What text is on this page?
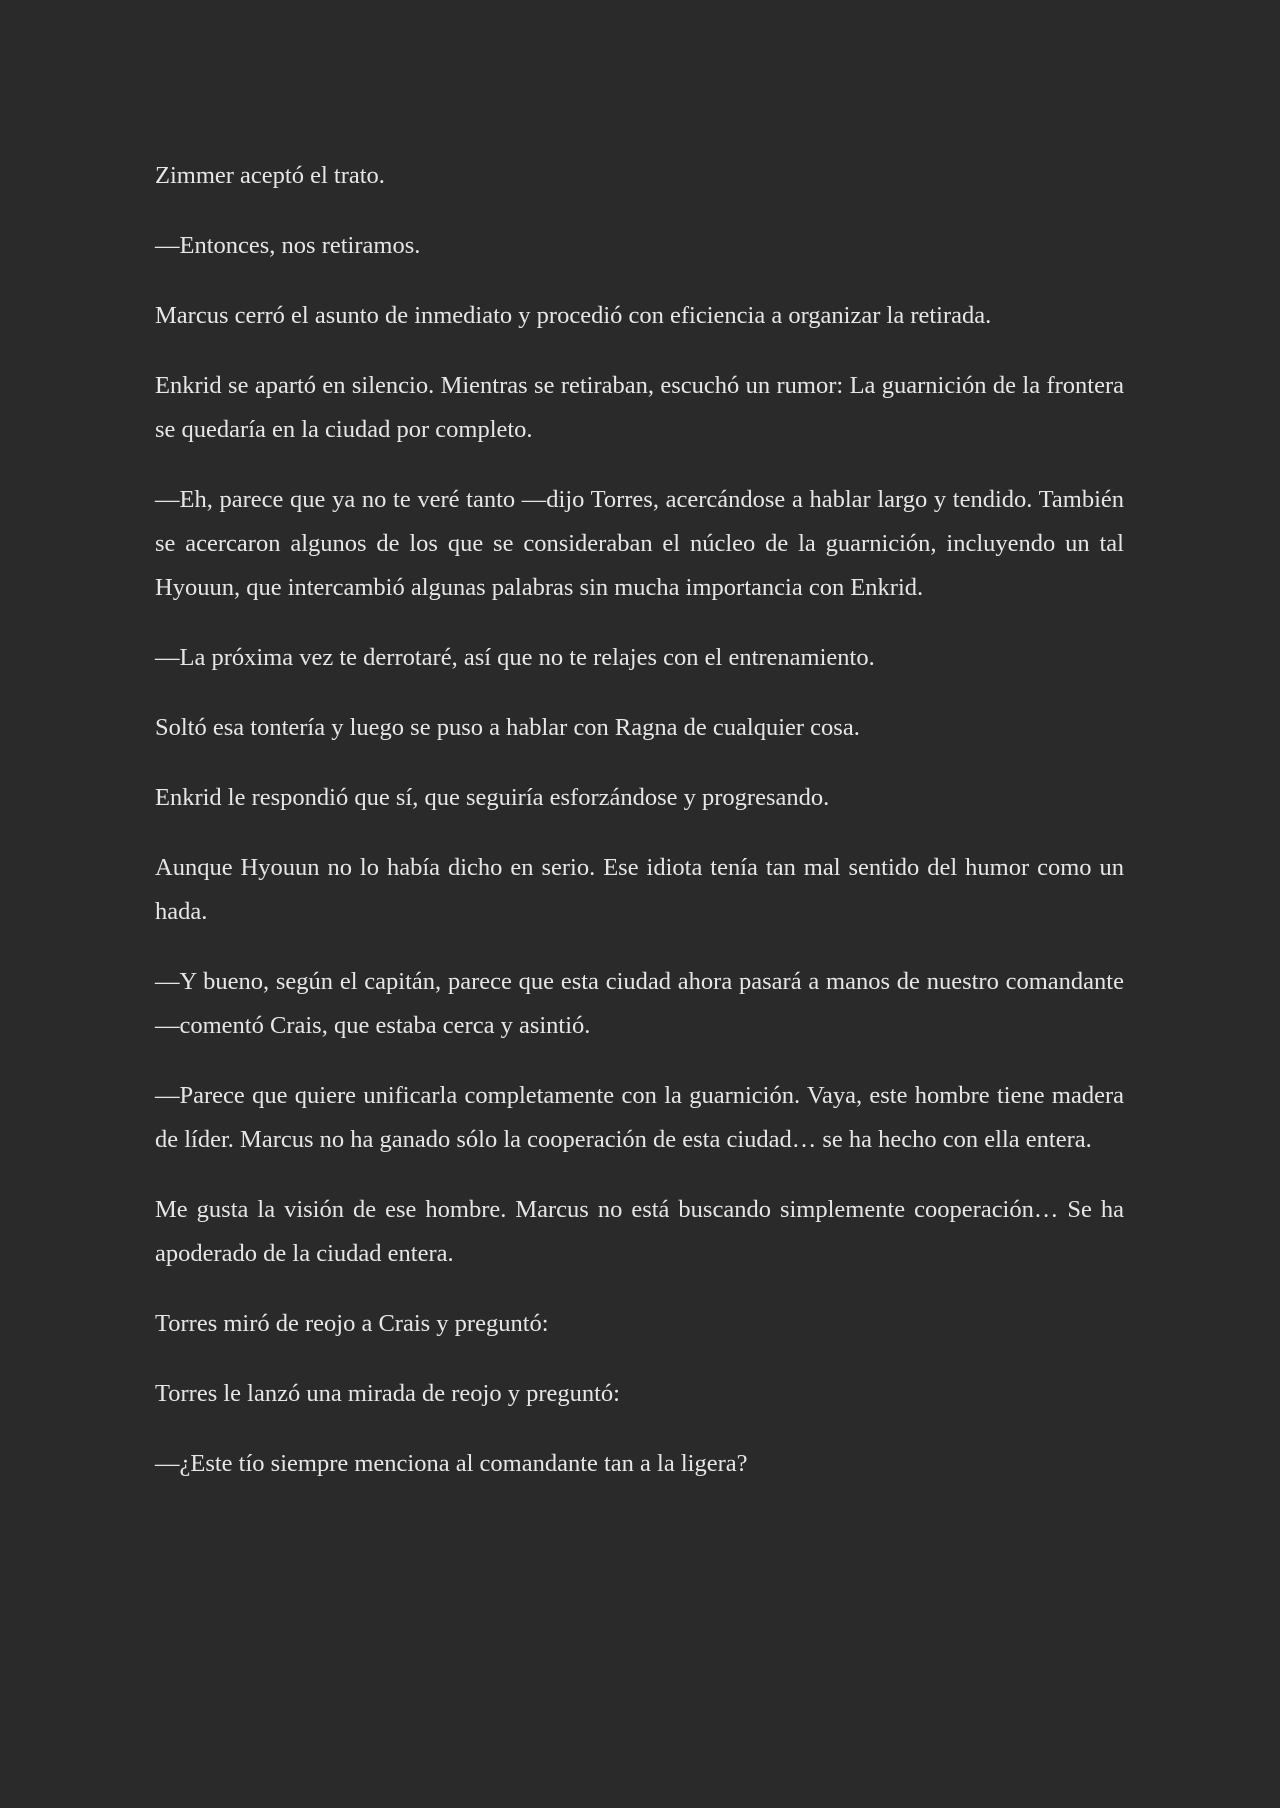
Zimmer aceptó el trato.

—Entonces, nos retiramos.

Marcus cerró el asunto de inmediato y procedió con eficiencia a organizar la retirada.

Enkrid se apartó en silencio. Mientras se retiraban, escuchó un rumor: La guarnición de la frontera se quedaría en la ciudad por completo.

—Eh, parece que ya no te veré tanto —dijo Torres, acercándose a hablar largo y tendido. También se acercaron algunos de los que se consideraban el núcleo de la guarnición, incluyendo un tal Hyouun, que intercambió algunas palabras sin mucha importancia con Enkrid.

—La próxima vez te derrotaré, así que no te relajes con el entrenamiento.

Soltó esa tontería y luego se puso a hablar con Ragna de cualquier cosa.

Enkrid le respondió que sí, que seguiría esforzándose y progresando.

Aunque Hyouun no lo había dicho en serio. Ese idiota tenía tan mal sentido del humor como un hada.

—Y bueno, según el capitán, parece que esta ciudad ahora pasará a manos de nuestro comandante —comentó Crais, que estaba cerca y asintió.

—Parece que quiere unificarla completamente con la guarnición. Vaya, este hombre tiene madera de líder. Marcus no ha ganado sólo la cooperación de esta ciudad… se ha hecho con ella entera.

Me gusta la visión de ese hombre. Marcus no está buscando simplemente cooperación… Se ha apoderado de la ciudad entera.

Torres miró de reojo a Crais y preguntó:

Torres le lanzó una mirada de reojo y preguntó:

—¿Este tío siempre menciona al comandante tan a la ligera?
